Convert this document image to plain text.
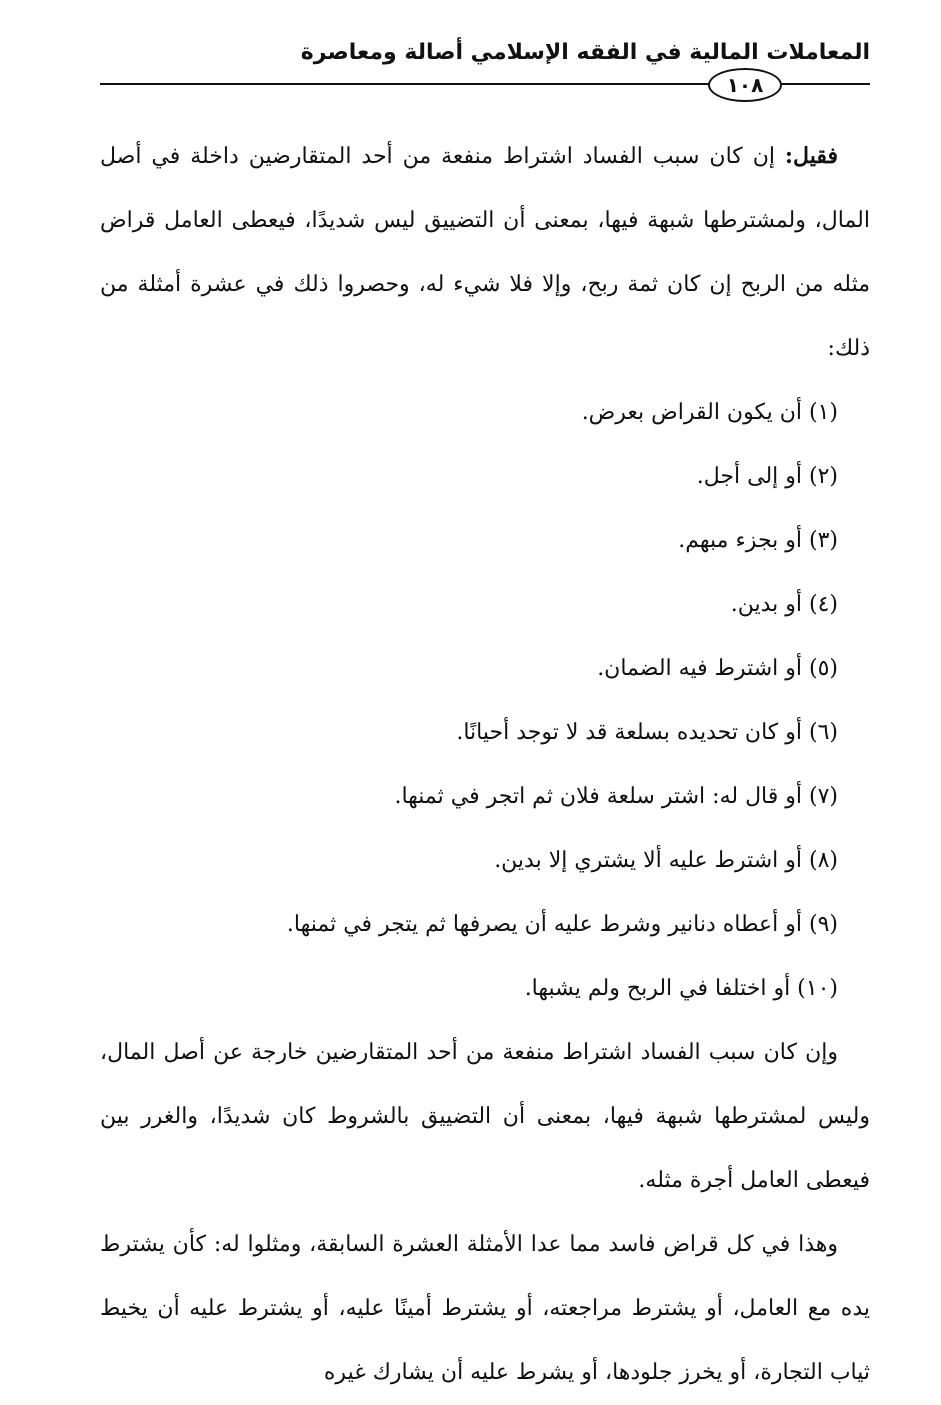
المعاملات المالية في الفقه الإسلامي أصالة ومعاصرة
١٠٨

فقيل: إن كان سبب الفساد اشتراط منفعة من أحد المتقارضين داخلة في أصل المال، ولمشترطها شبهة فيها، بمعنى أن التضييق ليس شديدًا، فيعطى العامل قراض مثله من الربح إن كان ثمة ربح، وإلا فلا شيء له، وحصروا ذلك في عشرة أمثلة من ذلك:

(١) أن يكون القراض بعرض.

(٢) أو إلى أجل.

(٣) أو بجزء مبهم.

(٤) أو بدين.

(٥) أو اشترط فيه الضمان.

(٦) أو كان تحديده بسلعة قد لا توجد أحيانًا.

(٧) أو قال له: اشتر سلعة فلان ثم اتجر في ثمنها.

(٨) أو اشترط عليه ألا يشتري إلا بدين.

(٩) أو أعطاه دنانير وشرط عليه أن يصرفها ثم يتجر في ثمنها.

(١٠) أو اختلفا في الربح ولم يشبها.

وإن كان سبب الفساد اشتراط منفعة من أحد المتقارضين خارجة عن أصل المال، وليس لمشترطها شبهة فيها، بمعنى أن التضييق بالشروط كان شديدًا، والغرر بين فيعطى العامل أجرة مثله.

وهذا في كل قراض فاسد مما عدا الأمثلة العشرة السابقة، ومثلوا له: كأن يشترط يده مع العامل، أو يشترط مراجعته، أو يشترط أمينًا عليه، أو يشترط عليه أن يخيط ثياب التجارة، أو يخرز جلودها، أو يشرط عليه أن يشارك غيره
